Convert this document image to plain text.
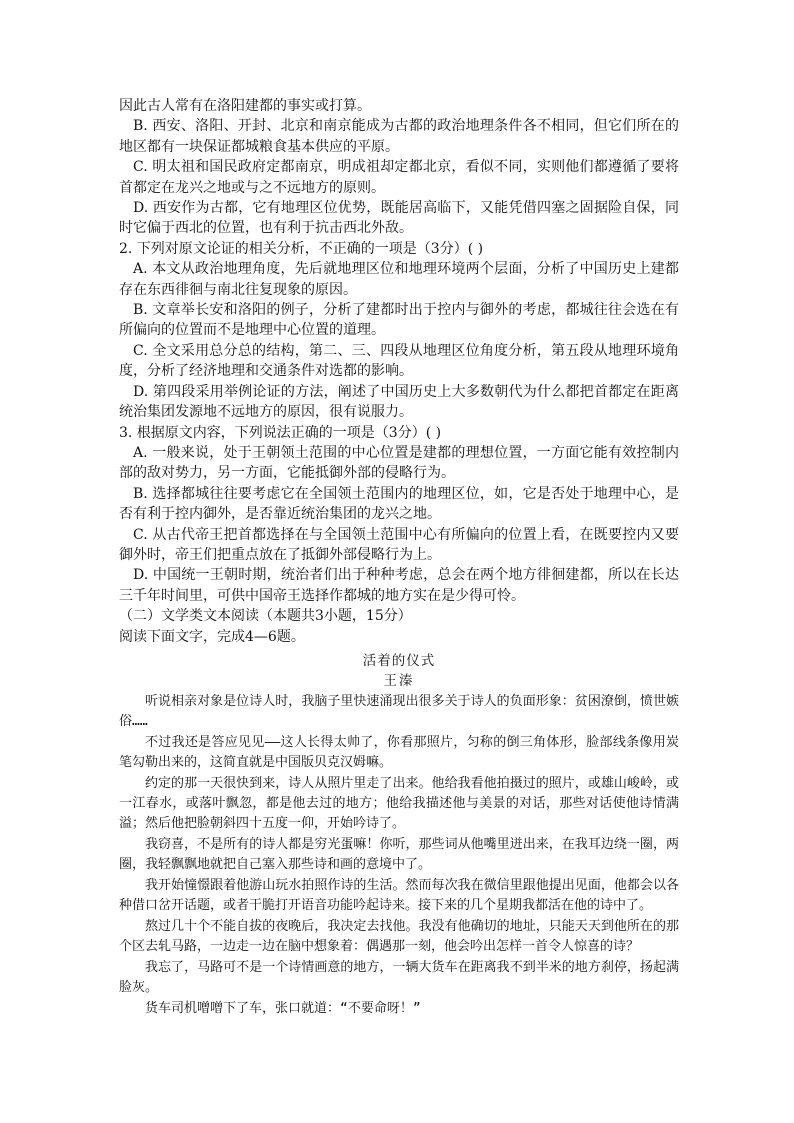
因此古人常有在洛阳建都的事实或打算。

B. 西安、洛阳、开封、北京和南京能成为古都的政治地理条件各不相同，但它们所在的地区都有一块保证都城粮食基本供应的平原。

C. 明太祖和国民政府定都南京，明成祖却定都北京，看似不同，实则他们都遵循了要将首都定在龙兴之地或与之不远地方的原则。

D. 西安作为古都，它有地理区位优势，既能居高临下，又能凭借四塞之固据险自保，同时它偏于西北的位置，也有利于抗击西北外敌。

2. 下列对原文论证的相关分析，不正确的一项是（3分）( )

A. 本文从政治地理角度，先后就地理区位和地理环境两个层面，分析了中国历史上建都存在东西徘徊与南北往复现象的原因。

B. 文章举长安和洛阳的例子，分析了建都时出于控内与御外的考虑，都城往往会选在有所偏向的位置而不是地理中心位置的道理。

C. 全文采用总分总的结构，第二、三、四段从地理区位角度分析，第五段从地理环境角度，分析了经济地理和交通条件对选都的影响。

D. 第四段采用举例论证的方法，阐述了中国历史上大多数朝代为什么都把首都定在距离统治集团发源地不远地方的原因，很有说服力。

3. 根据原文内容，下列说法正确的一项是（3分）( )

A. 一般来说，处于王朝领土范围的中心位置是建都的理想位置，一方面它能有效控制内部的敌对势力，另一方面，它能抵御外部的侵略行为。

B. 选择都城往往要考虑它在全国领土范围内的地理区位，如，它是否处于地理中心，是否有利于控内御外，是否靠近统治集团的龙兴之地。

C. 从古代帝王把首都选择在与全国领土范围中心有所偏向的位置上看，在既要控内又要御外时，帝王们把重点放在了抵御外部侵略行为上。

D. 中国统一王朝时期，统治者们出于种种考虑，总会在两个地方徘徊建都，所以在长达三千年时间里，可供中国帝王选择作都城的地方实在是少得可怜。

（二）文学类文本阅读（本题共3小题，15分）

阅读下面文字，完成4—6题。

活着的仪式

王溱

听说相亲对象是位诗人时，我脑子里快速涌现出很多关于诗人的负面形象：贫困潦倒，愤世嫉俗……

不过我还是答应见见——这人长得太帅了，你看那照片，匀称的倒三角体形，脸部线条像用炭笔勾勒出来的，这简直就是中国版贝克汉姆嘛。

约定的那一天很快到来，诗人从照片里走了出来。他给我看他拍摄过的照片，或雄山峻岭，或一江春水，或落叶飘忽，都是他去过的地方；他给我描述他与美景的对话，那些对话使他诗情满溢；然后他把脸朝斜四十五度一仰，开始吟诗了。

我窃喜，不是所有的诗人都是穷光蛋嘛！你听，那些词从他嘴里迸出来，在我耳边绕一圈，两圈，我轻飘飘地就把自己塞入那些诗和画的意境中了。

我开始憧憬跟着他游山玩水拍照作诗的生活。然而每次我在微信里跟他提出见面，他都会以各种借口岔开话题，或者干脆打开语音功能吟起诗来。接下来的几个星期我都活在他的诗中了。

熬过几十个不能自拔的夜晚后，我决定去找他。我没有他确切的地址，只能天天到他所在的那个区去轧马路，一边走一边在脑中想象着：偶遇那一刻，他会吟出怎样一首令人惊喜的诗？

我忘了，马路可不是一个诗情画意的地方，一辆大货车在距离我不到半米的地方刹停，扬起满脸灰。

货车司机噌噌下了车，张口就道：“不要命呀！”
